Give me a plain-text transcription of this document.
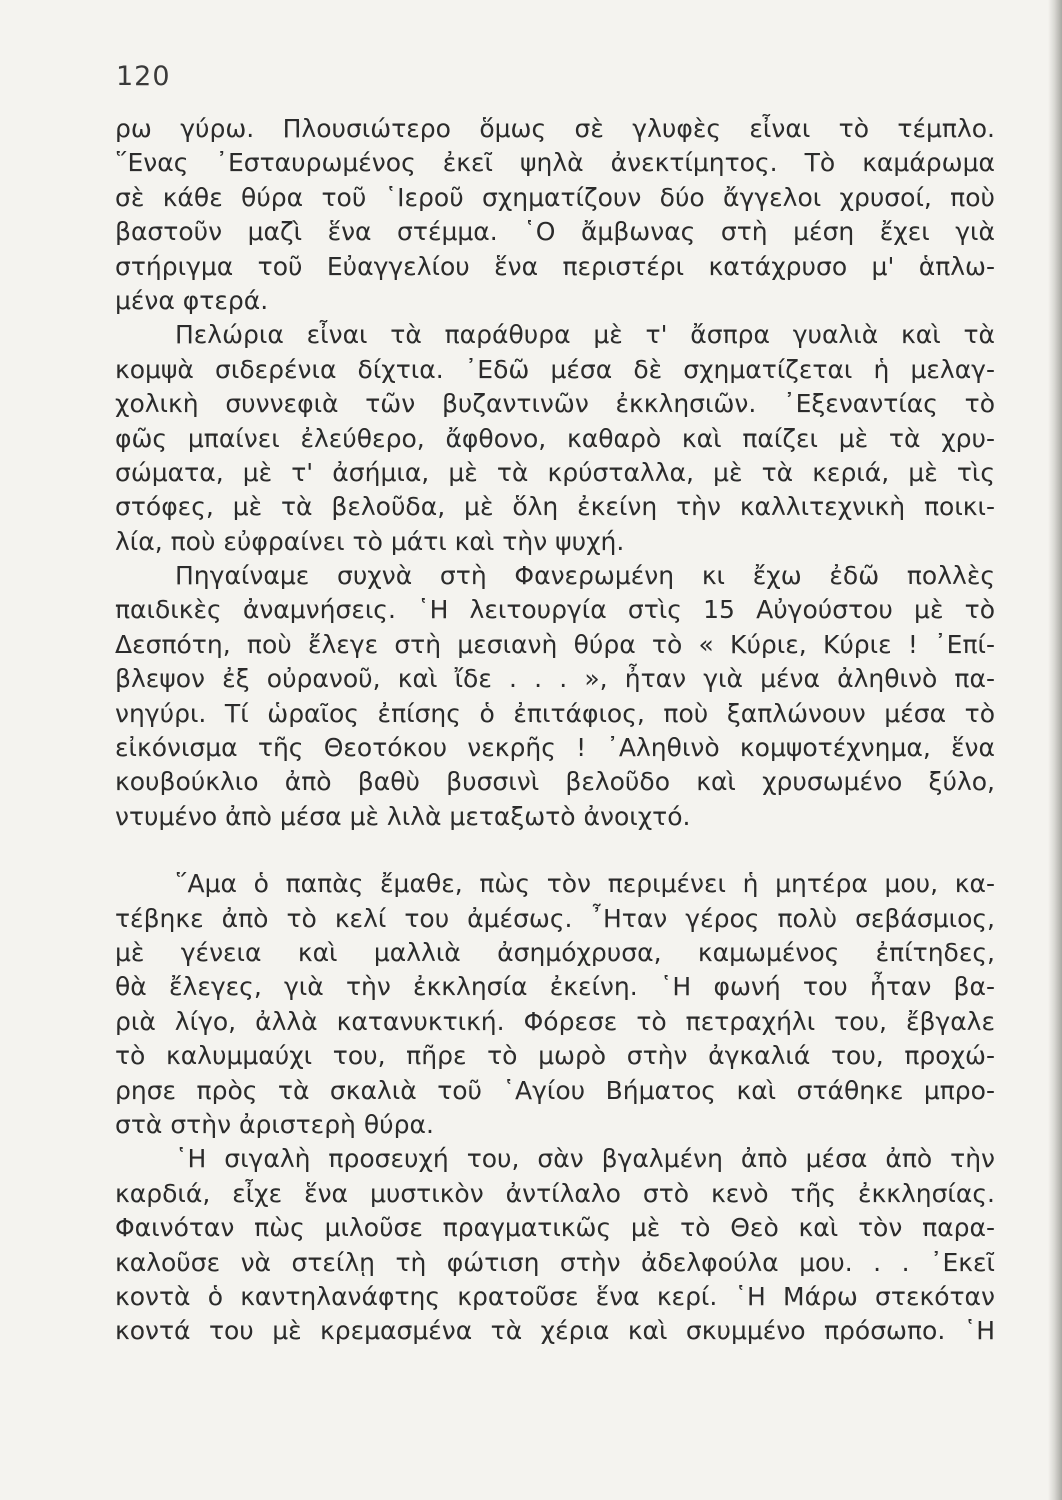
120
ρω γύρω. Πλουσιώτερο ὅμως σὲ γλυφὲς εἶναι τὸ τέμπλο.
῞Ενας ᾿Εσταυρωμένος ἐκεῖ ψηλὰ ἀνεκτίμητος. Τὸ καμάρωμα
σὲ κάθε θύρα τοῦ ῾Ιεροῦ σχηματίζουν δύο ἄγγελοι χρυσοί, ποὺ
βαστοῦν μαζὶ ἕνα στέμμα. ῾Ο ἄμβωνας στὴ μέση ἔχει γιὰ
στήριγμα τοῦ Εὐαγγελίου ἕνα περιστέρι κατάχρυσο μ' ἁπλω-
μένα φτερά.
Πελώρια εἶναι τὰ παράθυρα μὲ τ' ἄσπρα γυαλιὰ καὶ τὰ
κομψὰ σιδερένια δίχτια. ᾿Εδῶ μέσα δὲ σχηματίζεται ἡ μελαγ-
χολικὴ συννεφιὰ τῶν βυζαντινῶν ἐκκλησιῶν. ᾿Εξεναντίας τὸ
φῶς μπαίνει ἐλεύθερο, ἄφθονο, καθαρὸ καὶ παίζει μὲ τὰ χρυ-
σώματα, μὲ τ' ἀσήμια, μὲ τὰ κρύσταλλα, μὲ τὰ κεριά, μὲ τὶς
στόφες, μὲ τὰ βελοῦδα, μὲ ὅλη ἐκείνη τὴν καλλιτεχνικὴ ποικι-
λία, ποὺ εὐφραίνει τὸ μάτι καὶ τὴν ψυχή.
Πηγαίναμε συχνὰ στὴ Φανερωμένη κι ἔχω ἐδῶ πολλὲς
παιδικὲς ἀναμνήσεις. ῾Η λειτουργία στὶς 15 Αὐγούστου μὲ τὸ
Δεσπότη, ποὺ ἔλεγε στὴ μεσιανὴ θύρα τὸ « Κύριε, Κύριε ! ᾿Επί-
βλεψον ἐξ οὐρανοῦ, καὶ ἴδε . . . », ἦταν γιὰ μένα ἀληθινὸ πα-
νηγύρι. Τί ὡραῖος ἐπίσης ὁ ἐπιτάφιος, ποὺ ξαπλώνουν μέσα τὸ
εἰκόνισμα τῆς Θεοτόκου νεκρῆς ! ᾿Αληθινὸ κομψοτέχνημα, ἕνα
κουβούκλιο ἀπὸ βαθὺ βυσσινὶ βελοῦδο καὶ χρυσωμένο ξύλο,
ντυμένο ἀπὸ μέσα μὲ λιλὰ μεταξωτὸ ἀνοιχτό.
῞Αμα ὁ παπὰς ἔμαθε, πὼς τὸν περιμένει ἡ μητέρα μου, κα-
τέβηκε ἀπὸ τὸ κελί του ἀμέσως. ῏Ηταν γέρος πολὺ σεβάσμιος,
μὲ γένεια καὶ μαλλιὰ ἀσημόχρυσα, καμωμένος ἐπίτηδες,
θὰ ἔλεγες, γιὰ τὴν ἐκκλησία ἐκείνη. ῾Η φωνή του ἦταν βα-
ριὰ λίγο, ἀλλὰ κατανυκτική. Φόρεσε τὸ πετραχήλι του, ἔβγαλε
τὸ καλυμμαύχι του, πῆρε τὸ μωρὸ στὴν ἀγκαλιά του, προχώ-
ρησε πρὸς τὰ σκαλιὰ τοῦ ῾Αγίου Βήματος καὶ στάθηκε μπρο-
στὰ στὴν ἀριστερὴ θύρα.
῾Η σιγαλὴ προσευχή του, σὰν βγαλμένη ἀπὸ μέσα ἀπὸ τὴν
καρδιά, εἶχε ἕνα μυστικὸν ἀντίλαλο στὸ κενὸ τῆς ἐκκλησίας.
Φαινόταν πὼς μιλοῦσε πραγματικῶς μὲ τὸ Θεὸ καὶ τὸν παρα-
καλοῦσε νὰ στείλῃ τὴ φώτιση στὴν ἀδελφούλα μου. . . ᾿Εκεῖ
κοντὰ ὁ καντηλανάφτης κρατοῦσε ἕνα κερί. ῾Η Μάρω στεκόταν
κοντά του μὲ κρεμασμένα τὰ χέρια καὶ σκυμμένο πρόσωπο. ῾Η
